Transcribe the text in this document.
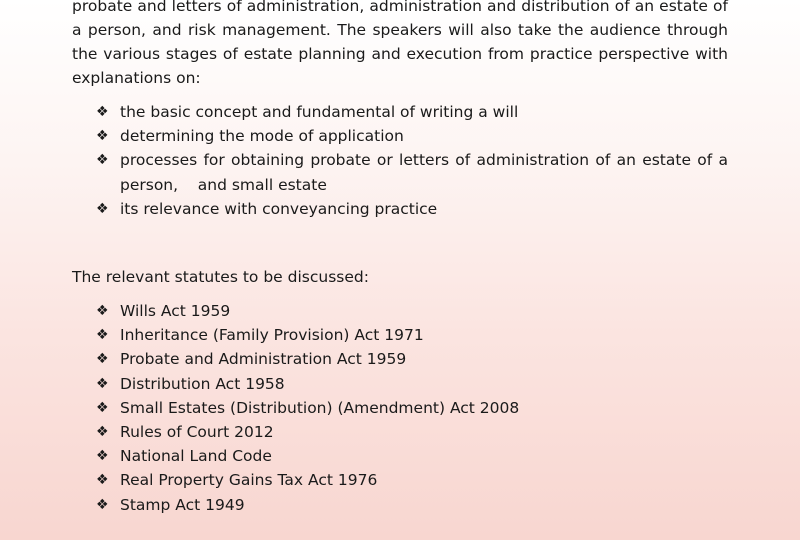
probate and letters of administration, administration and distribution of an estate of a person, and risk management. The speakers will also take the audience through the various stages of estate planning and execution from practice perspective with explanations on:

❖ the basic concept and fundamental of writing a will
❖ determining the mode of application
❖ processes for obtaining probate or letters of administration of an estate of a person,    and small estate
❖ its relevance with conveyancing practice

The relevant statutes to be discussed:

❖ Wills Act 1959
❖ Inheritance (Family Provision) Act 1971
❖ Probate and Administration Act 1959
❖ Distribution Act 1958
❖ Small Estates (Distribution) (Amendment) Act 2008
❖ Rules of Court 2012
❖ National Land Code
❖ Real Property Gains Tax Act 1976
❖ Stamp Act 1949
